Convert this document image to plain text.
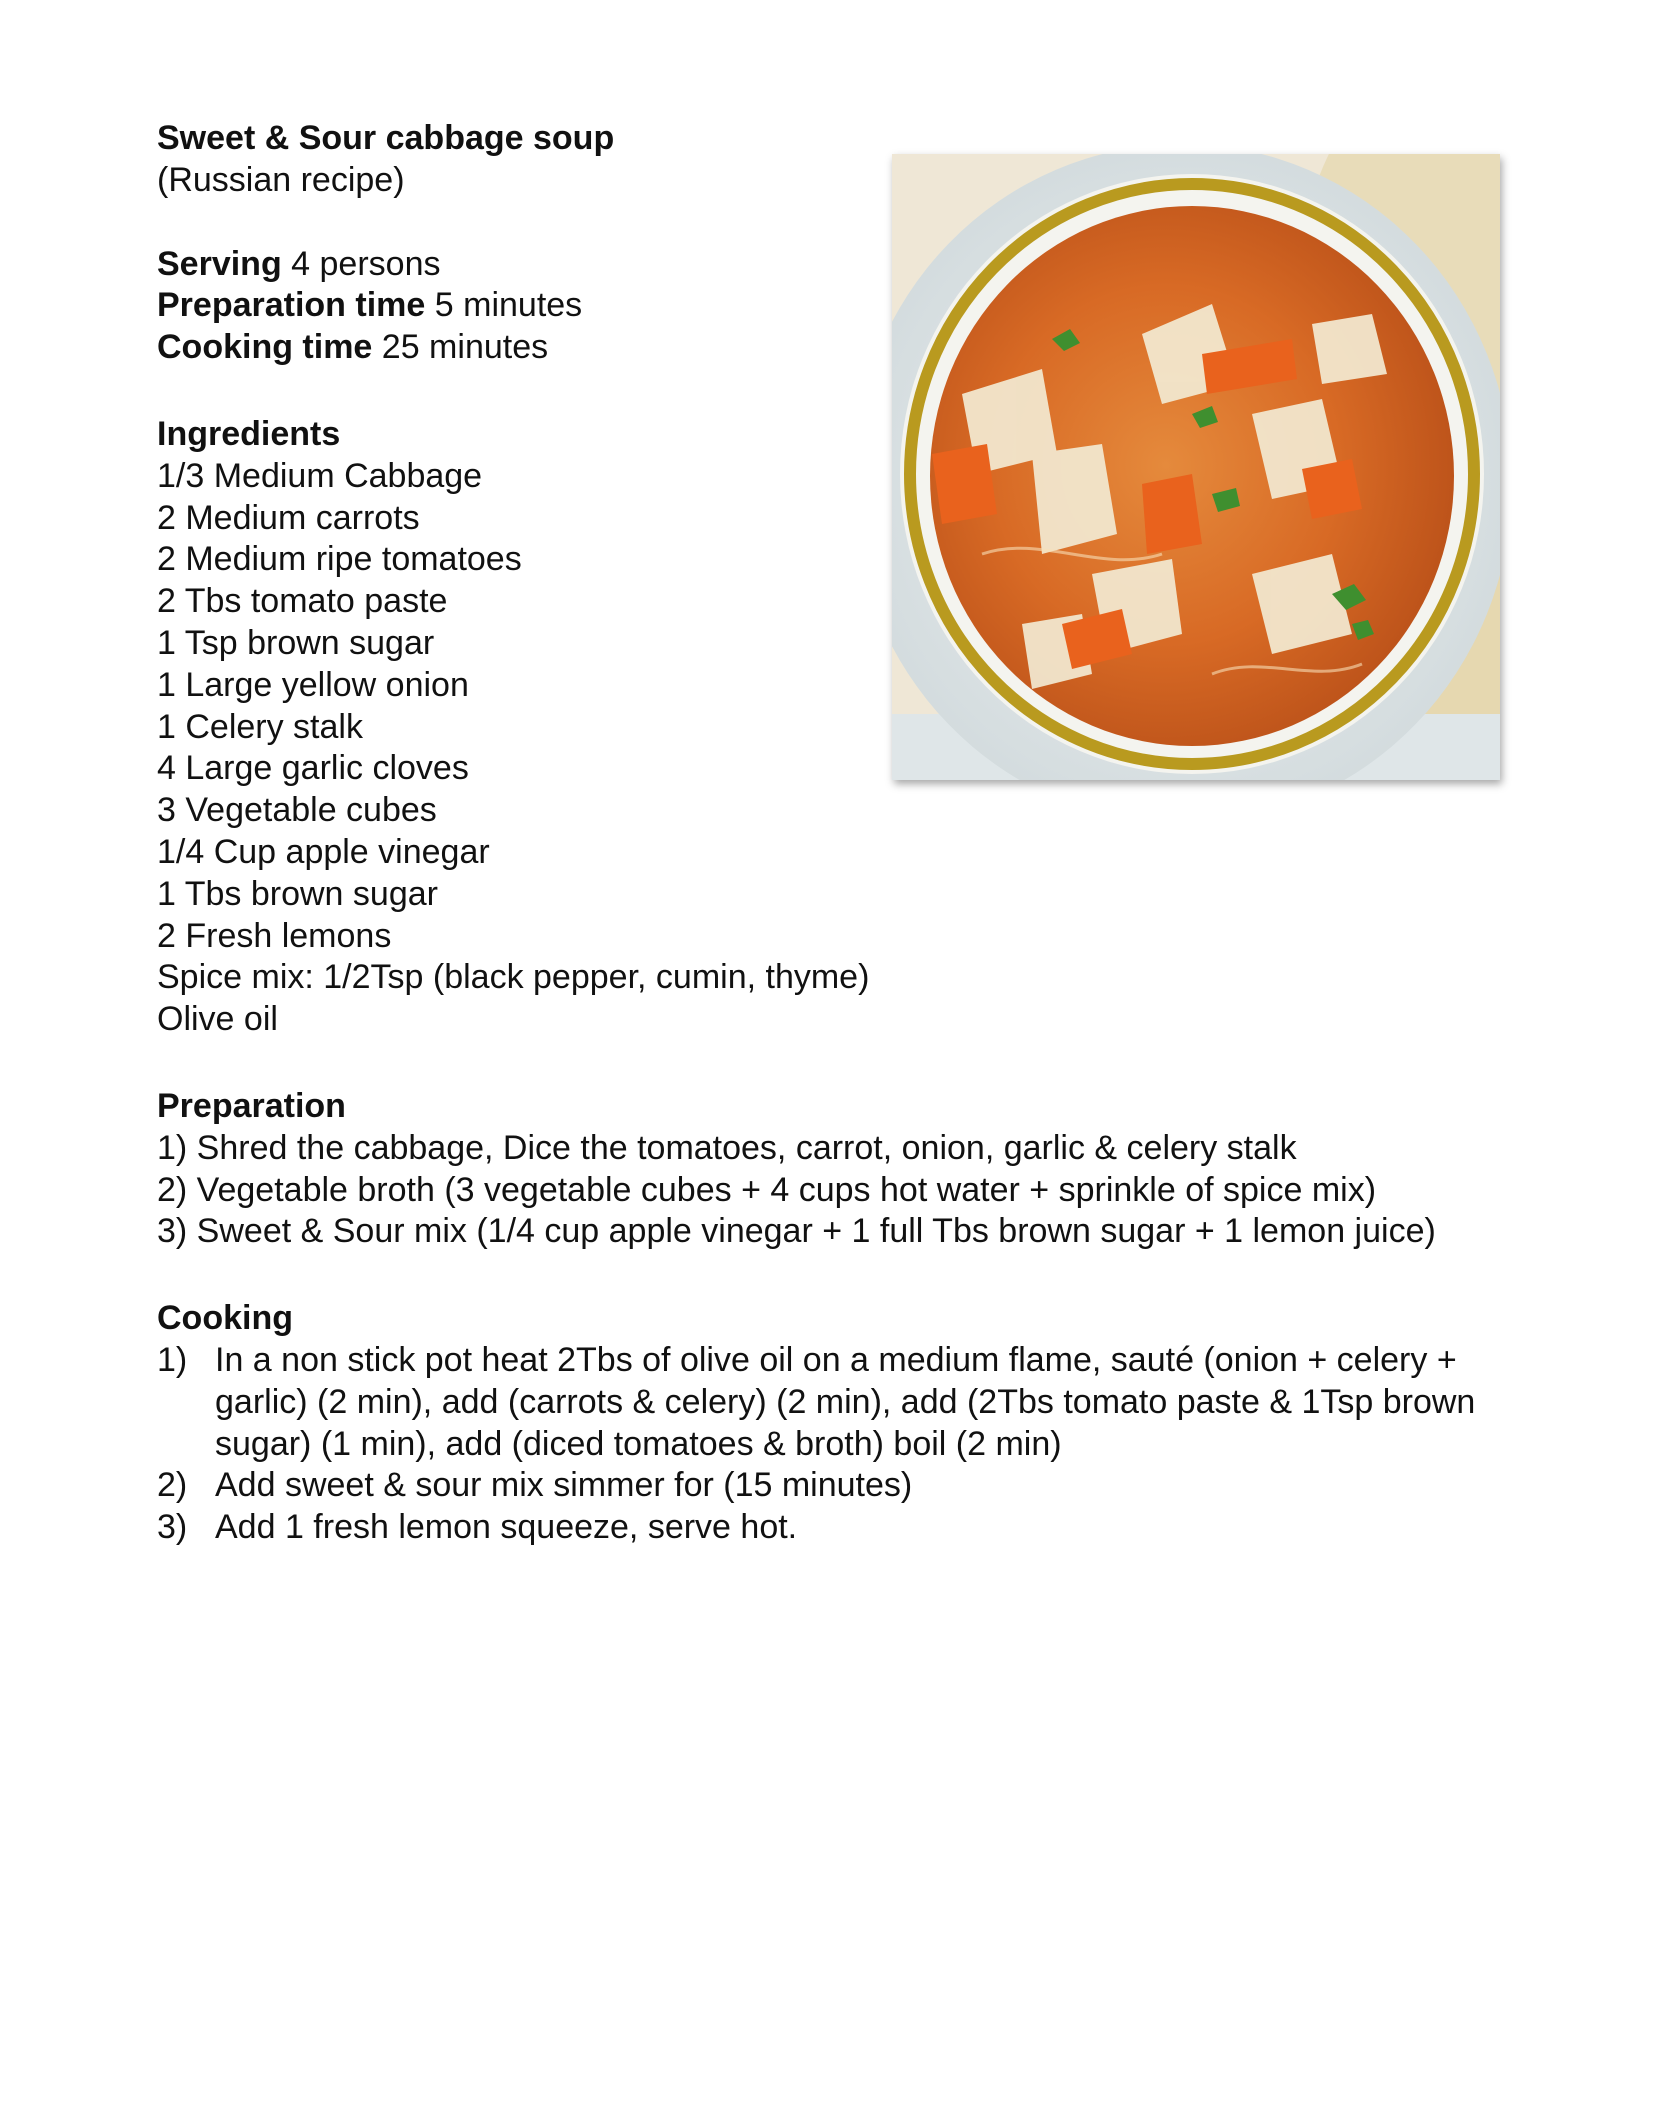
Sweet & Sour cabbage soup
(Russian recipe)
Serving 4 persons
Preparation time 5 minutes
Cooking time 25 minutes
Ingredients
1/3 Medium Cabbage
2 Medium carrots
2 Medium ripe tomatoes
2 Tbs tomato paste
1 Tsp brown sugar
1 Large yellow onion
1 Celery stalk
4 Large garlic cloves
3 Vegetable cubes
1/4 Cup apple vinegar
1 Tbs brown sugar
2 Fresh lemons
Spice mix: 1/2Tsp (black pepper, cumin, thyme)
Olive oil
Preparation
1) Shred the cabbage, Dice the tomatoes, carrot, onion, garlic & celery stalk
2) Vegetable broth (3 vegetable cubes + 4 cups hot water + sprinkle of spice mix)
3) Sweet & Sour mix (1/4 cup apple vinegar + 1 full Tbs brown sugar + 1 lemon juice)
Cooking
1) In a non stick pot heat 2Tbs of olive oil on a medium flame, sauté (onion + celery + garlic) (2 min), add (carrots & celery) (2 min), add (2Tbs tomato paste & 1Tsp brown sugar) (1 min), add (diced tomatoes & broth) boil (2 min)
2) Add sweet & sour mix simmer for (15 minutes)
3) Add 1 fresh lemon squeeze, serve hot.
